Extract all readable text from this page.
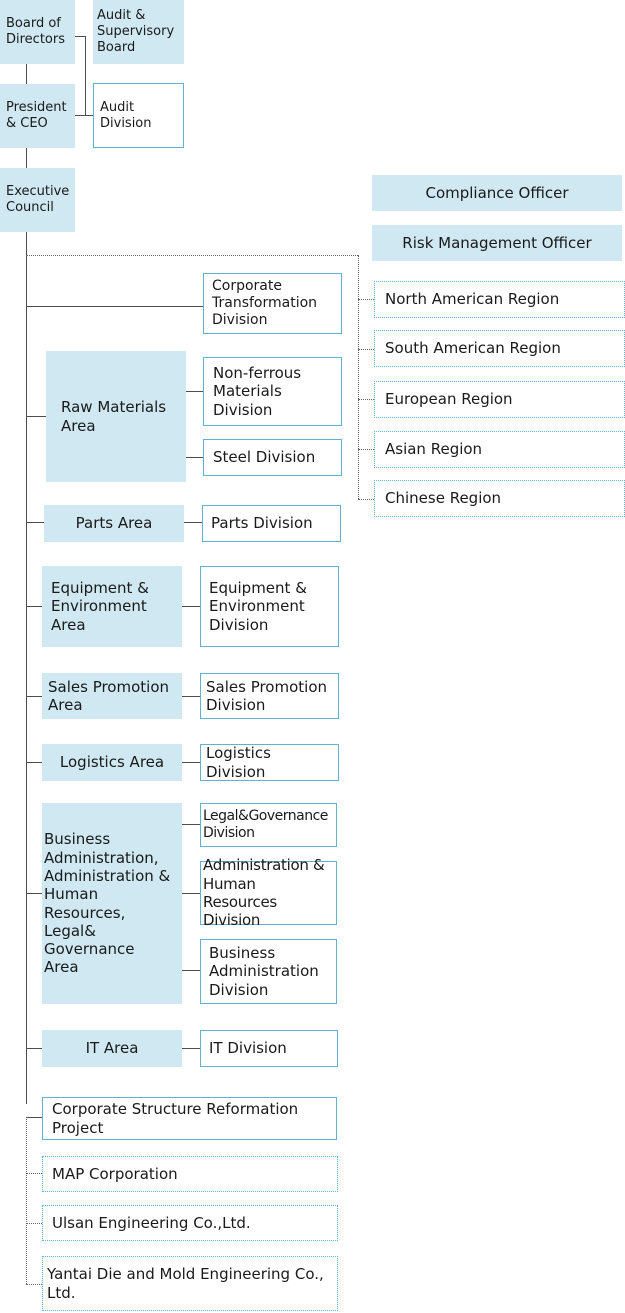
Board of
Directors
Audit &
Supervisory
Board
President
& CEO
Audit
Division
Executive
Council
Compliance Officer
Risk Management Officer
North American Region
South American Region
European Region
Asian Region
Chinese Region
Corporate
Transformation
Division
Raw Materials
Area
Non-ferrous
Materials
Division
Steel Division
Parts Area	Parts Division
Equipment &
Environment
Area
Equipment &
Environment
Division
Sales Promotion
Area
Sales Promotion
Division
Logistics Area
Logistics Division
Business
Administration,
Administration &
Human Resources,
Legal&
Governance
Area
Legal&Governance
Division
Administration &
Human Resources
Division
Business
Administration
Division
IT Area	IT Division
Corporate Structure Reformation
Project
MAP Corporation
Ulsan Engineering Co.,Ltd.
Yantai Die and Mold Engineering Co.,
Ltd.
